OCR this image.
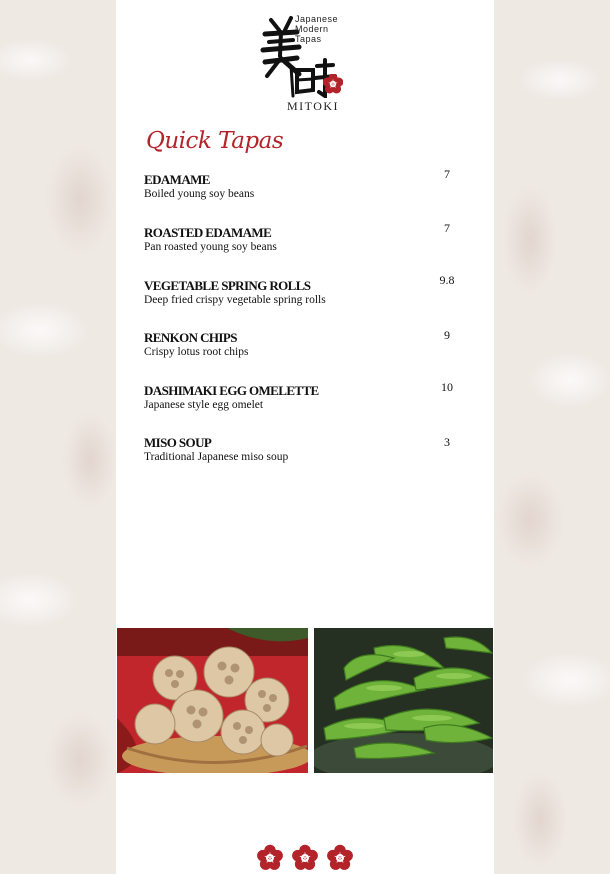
Japanese
Modern
Tapas
MITOKI
Quick Tapas
EDAMAME
Boiled young soy beans
7
ROASTED EDAMAME
Pan roasted young soy beans
7
VEGETABLE SPRING ROLLS
Deep fried crispy vegetable spring rolls
9.8
RENKON CHIPS
Crispy lotus root chips
9
DASHIMAKI EGG OMELETTE
Japanese style egg omelet
10
MISO SOUP
Traditional Japanese miso soup
3
